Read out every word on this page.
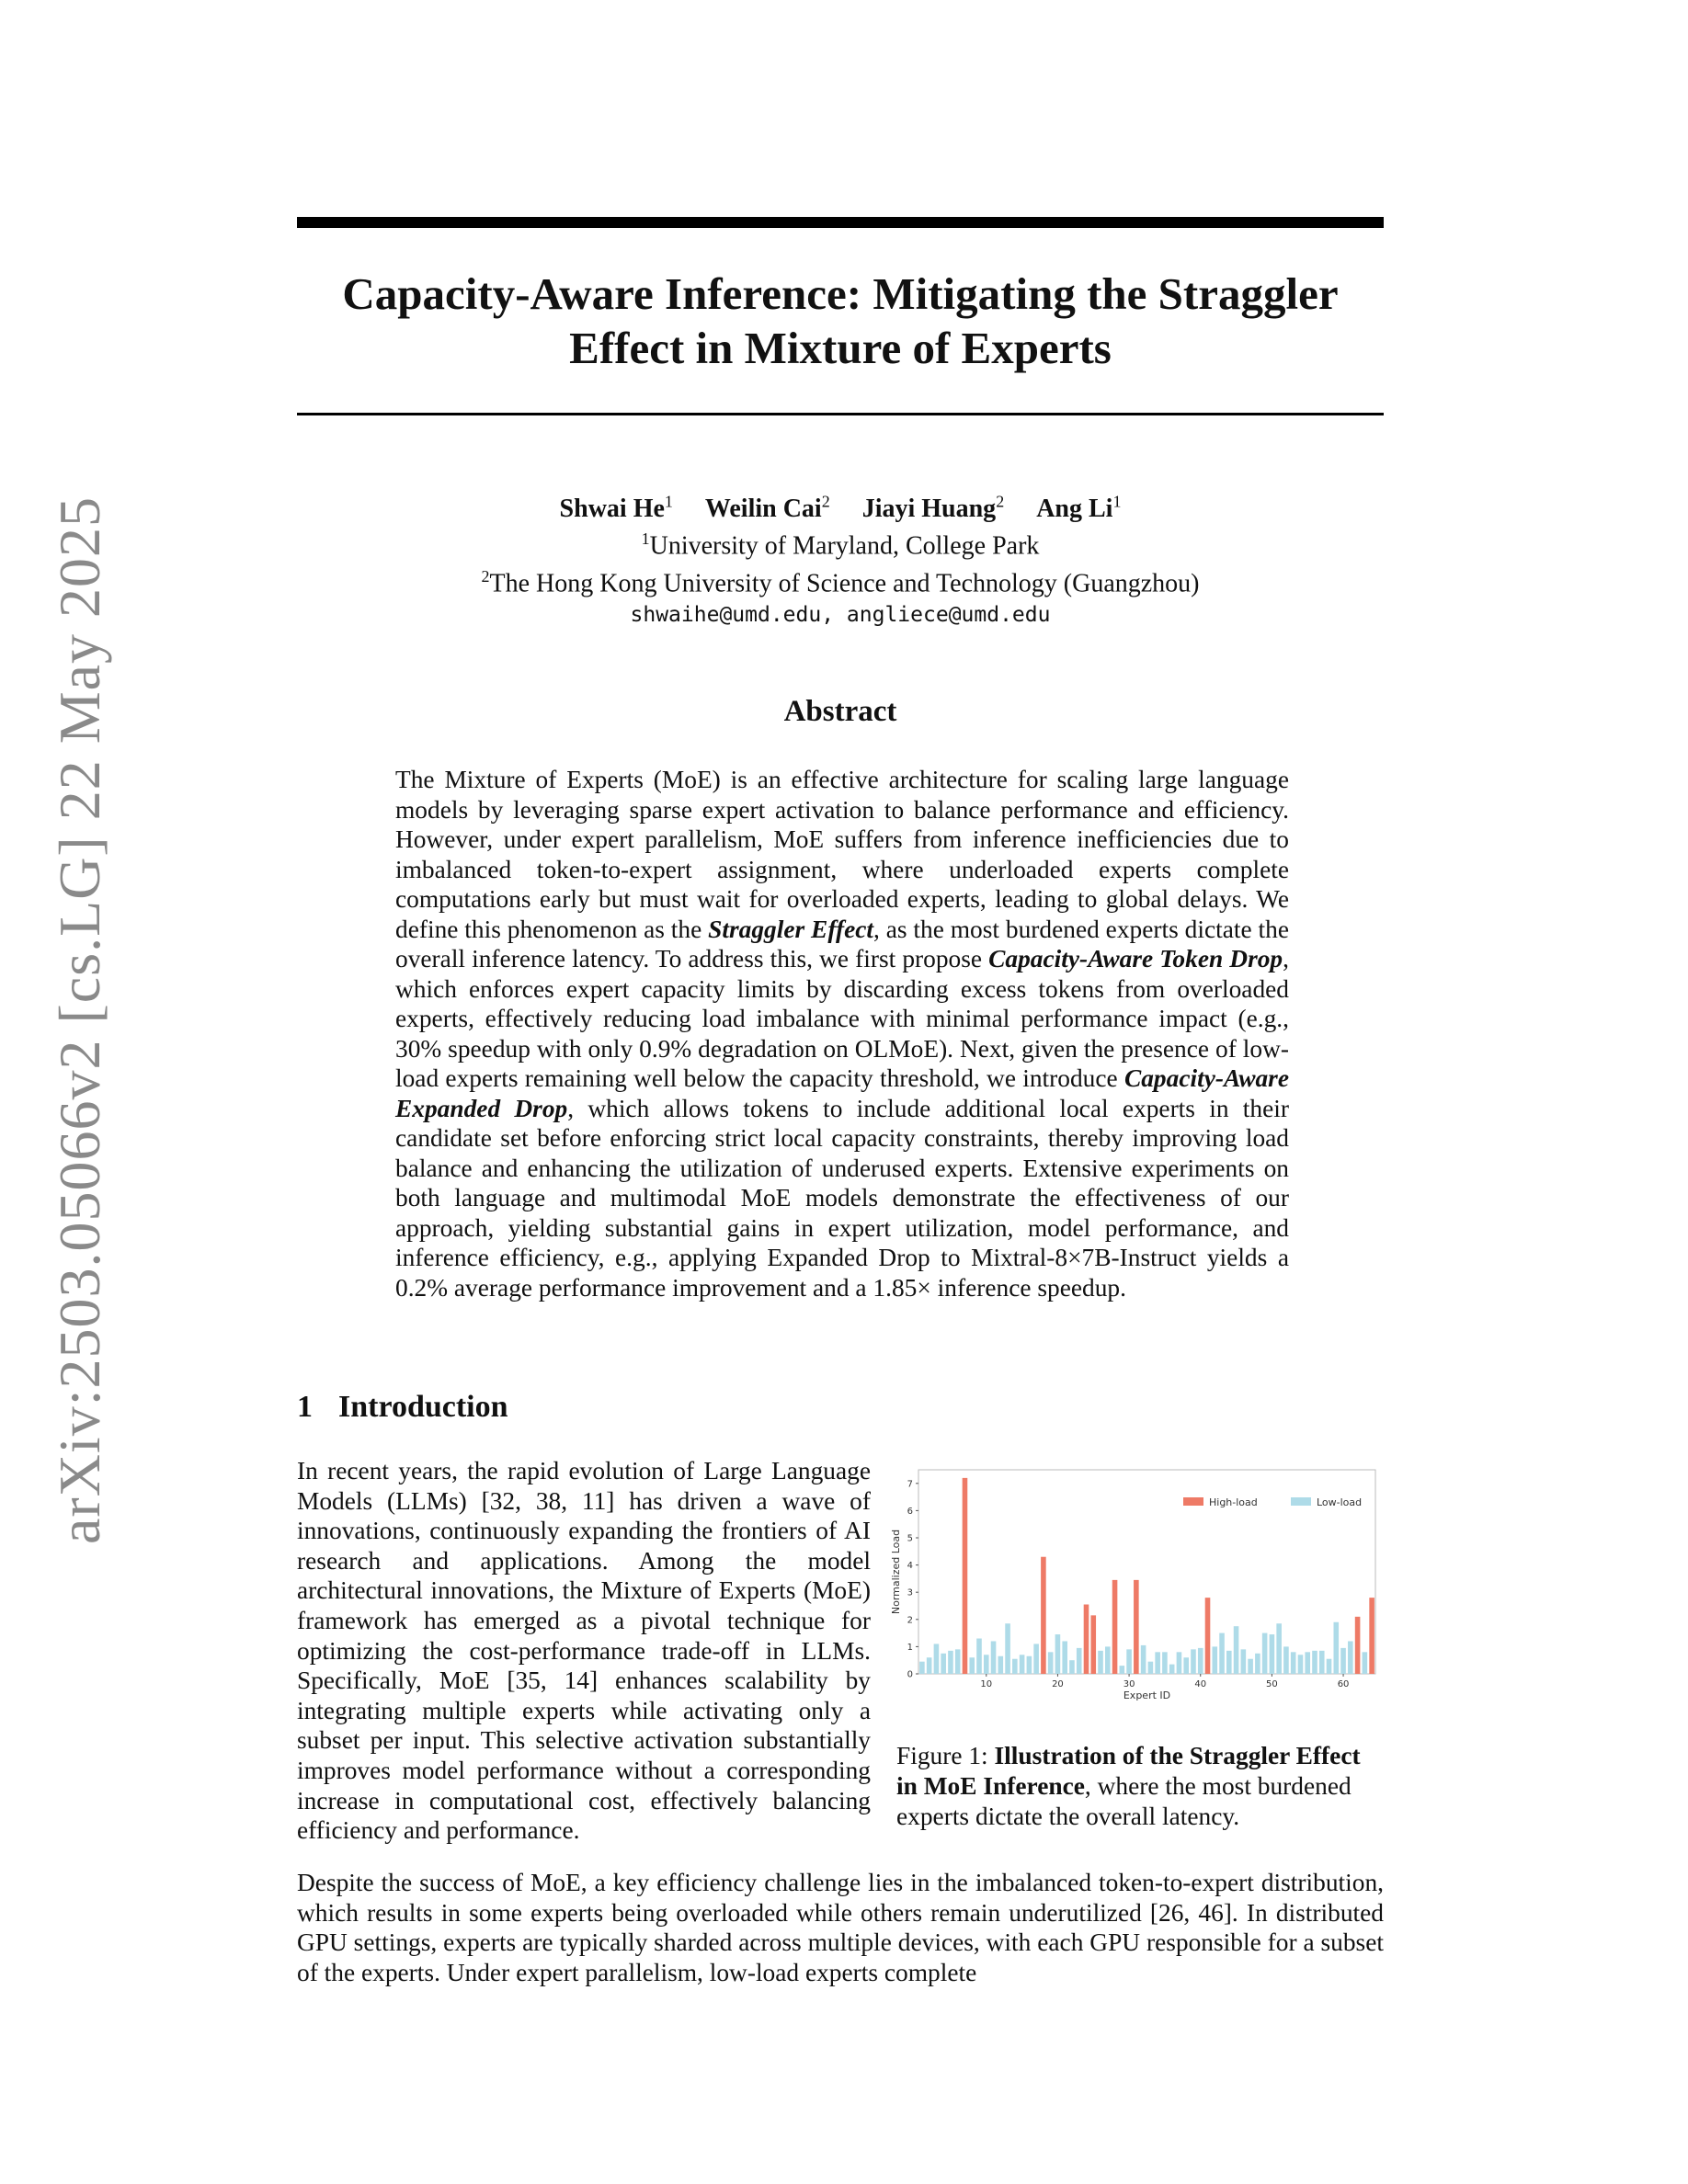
arXiv:2503.05066v2 [cs.LG] 22 May 2025
Capacity-Aware Inference: Mitigating the Straggler Effect in Mixture of Experts
Shwai He$^1$ Weilin Cai$^2$ Jiayi Huang$^2$ Ang Li$^1$
$^1$University of Maryland, College Park
$^2$The Hong Kong University of Science and Technology (Guangzhou)
shwaihe@umd.edu, angliece@umd.edu
Abstract
The Mixture of Experts (MoE) is an effective architecture for scaling large language models by leveraging sparse expert activation to balance performance and efficiency. However, under expert parallelism, MoE suffers from inference inefficiencies due to imbalanced token-to-expert assignment, where underloaded experts complete computations early but must wait for overloaded experts, leading to global delays. We define this phenomenon as the Straggler Effect, as the most burdened experts dictate the overall inference latency. To address this, we first propose Capacity-Aware Token Drop, which enforces expert capacity limits by discarding excess tokens from overloaded experts, effectively reducing load imbalance with minimal performance impact (e.g., 30% speedup with only 0.9% degradation on OLMoE). Next, given the presence of low-load experts remaining well below the capacity threshold, we introduce Capacity-Aware Expanded Drop, which allows tokens to include additional local experts in their candidate set before enforcing strict local capacity constraints, thereby improving load balance and enhancing the utilization of underused experts. Extensive experiments on both language and multimodal MoE models demonstrate the effectiveness of our approach, yielding substantial gains in expert utilization, model performance, and inference efficiency, e.g., applying Expanded Drop to Mixtral-8×7B-Instruct yields a 0.2% average performance improvement and a 1.85× inference speedup.
1 Introduction
In recent years, the rapid evolution of Large Language Models (LLMs) [32, 38, 11] has driven a wave of innovations, continuously expanding the frontiers of AI research and applications. Among the model architectural innovations, the Mixture of Experts (MoE) framework has emerged as a pivotal technique for optimizing the cost-performance trade-off in LLMs. Specifically, MoE [35, 14] enhances scalability by integrating multiple experts while activating only a subset per input. This selective activation substantially improves model performance without a corresponding increase in computational cost, effectively balancing efficiency and performance.
0
1
2
3
4
5
6
7
10	20	30	40	50	60
Expert ID
Normalized Load
High-load	Low-load
Figure 1: Illustration of the Straggler Effect in MoE Inference, where the most burdened experts dictate the overall latency.
Despite the success of MoE, a key efficiency challenge lies in the imbalanced token-to-expert distribution, which results in some experts being overloaded while others remain underutilized [26, 46]. In distributed GPU settings, experts are typically sharded across multiple devices, with each GPU responsible for a subset of the experts. Under expert parallelism, low-load experts complete
